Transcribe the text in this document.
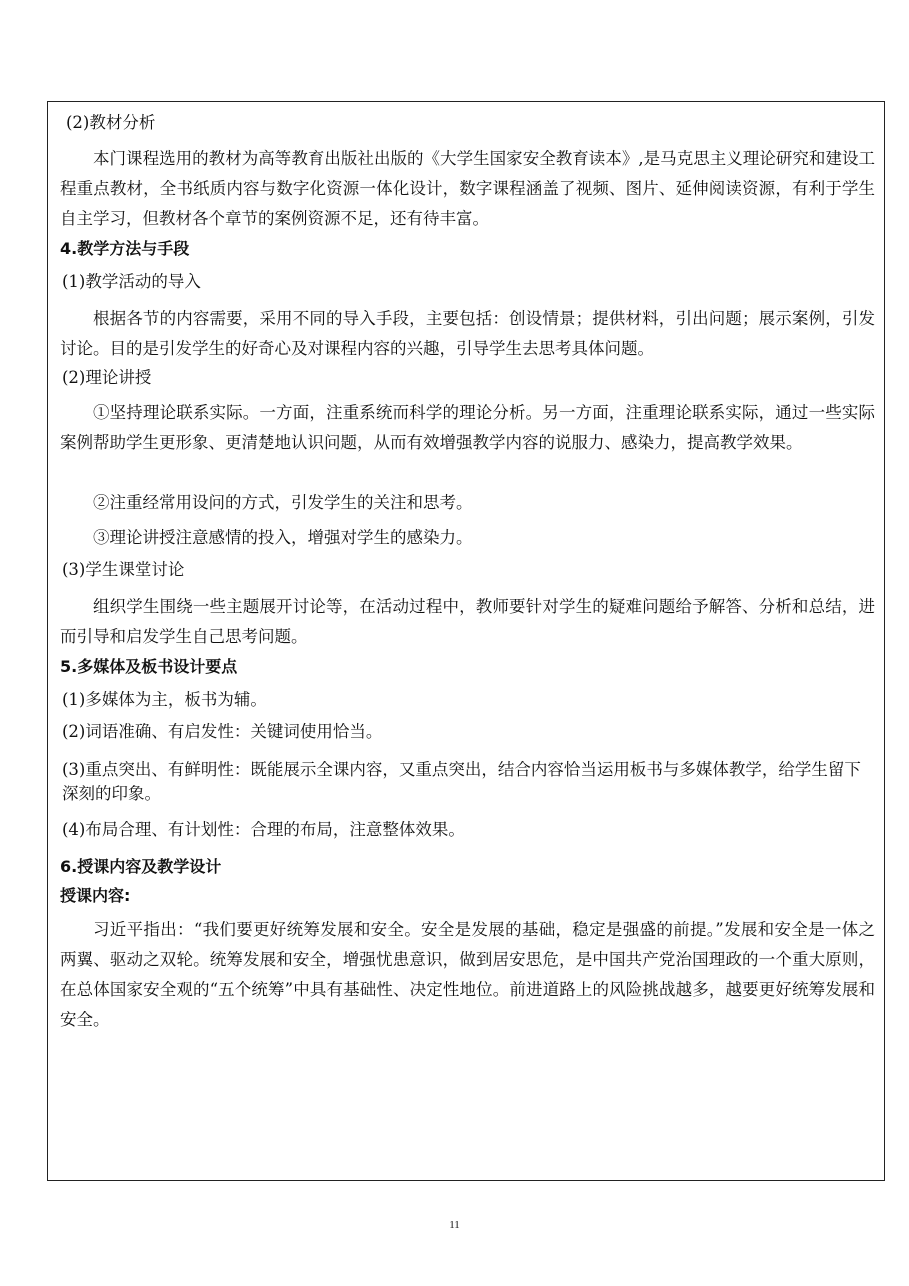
(2)教材分析
本门课程选用的教材为高等教育出版社出版的《大学生国家安全教育读本》,是马克思主义理论研究和建设工程重点教材，全书纸质内容与数字化资源一体化设计，数字课程涵盖了视频、图片、延伸阅读资源，有利于学生自主学习，但教材各个章节的案例资源不足，还有待丰富。
4.教学方法与手段
(1)教学活动的导入
根据各节的内容需要，采用不同的导入手段，主要包括：创设情景；提供材料，引出问题；展示案例，引发讨论。目的是引发学生的好奇心及对课程内容的兴趣，引导学生去思考具体问题。
(2)理论讲授
①坚持理论联系实际。一方面，注重系统而科学的理论分析。另一方面，注重理论联系实际，通过一些实际案例帮助学生更形象、更清楚地认识问题，从而有效增强教学内容的说服力、感染力，提高教学效果。
②注重经常用设问的方式，引发学生的关注和思考。
③理论讲授注意感情的投入，增强对学生的感染力。
(3)学生课堂讨论
组织学生围绕一些主题展开讨论等，在活动过程中，教师要针对学生的疑难问题给予解答、分析和总结，进而引导和启发学生自己思考问题。
5.多媒体及板书设计要点
(1)多媒体为主，板书为辅。
(2)词语准确、有启发性：关键词使用恰当。
(3)重点突出、有鲜明性：既能展示全课内容，又重点突出，结合内容恰当运用板书与多媒体教学，给学生留下深刻的印象。
(4)布局合理、有计划性：合理的布局，注意整体效果。
6.授课内容及教学设计
授课内容:
习近平指出：“我们要更好统筹发展和安全。安全是发展的基础，稳定是强盛的前提。”发展和安全是一体之两翼、驱动之双轮。统筹发展和安全，增强忧患意识，做到居安思危，是中国共产党治国理政的一个重大原则，在总体国家安全观的“五个统筹”中具有基础性、决定性地位。前进道路上的风险挑战越多，越要更好统筹发展和安全。
11
